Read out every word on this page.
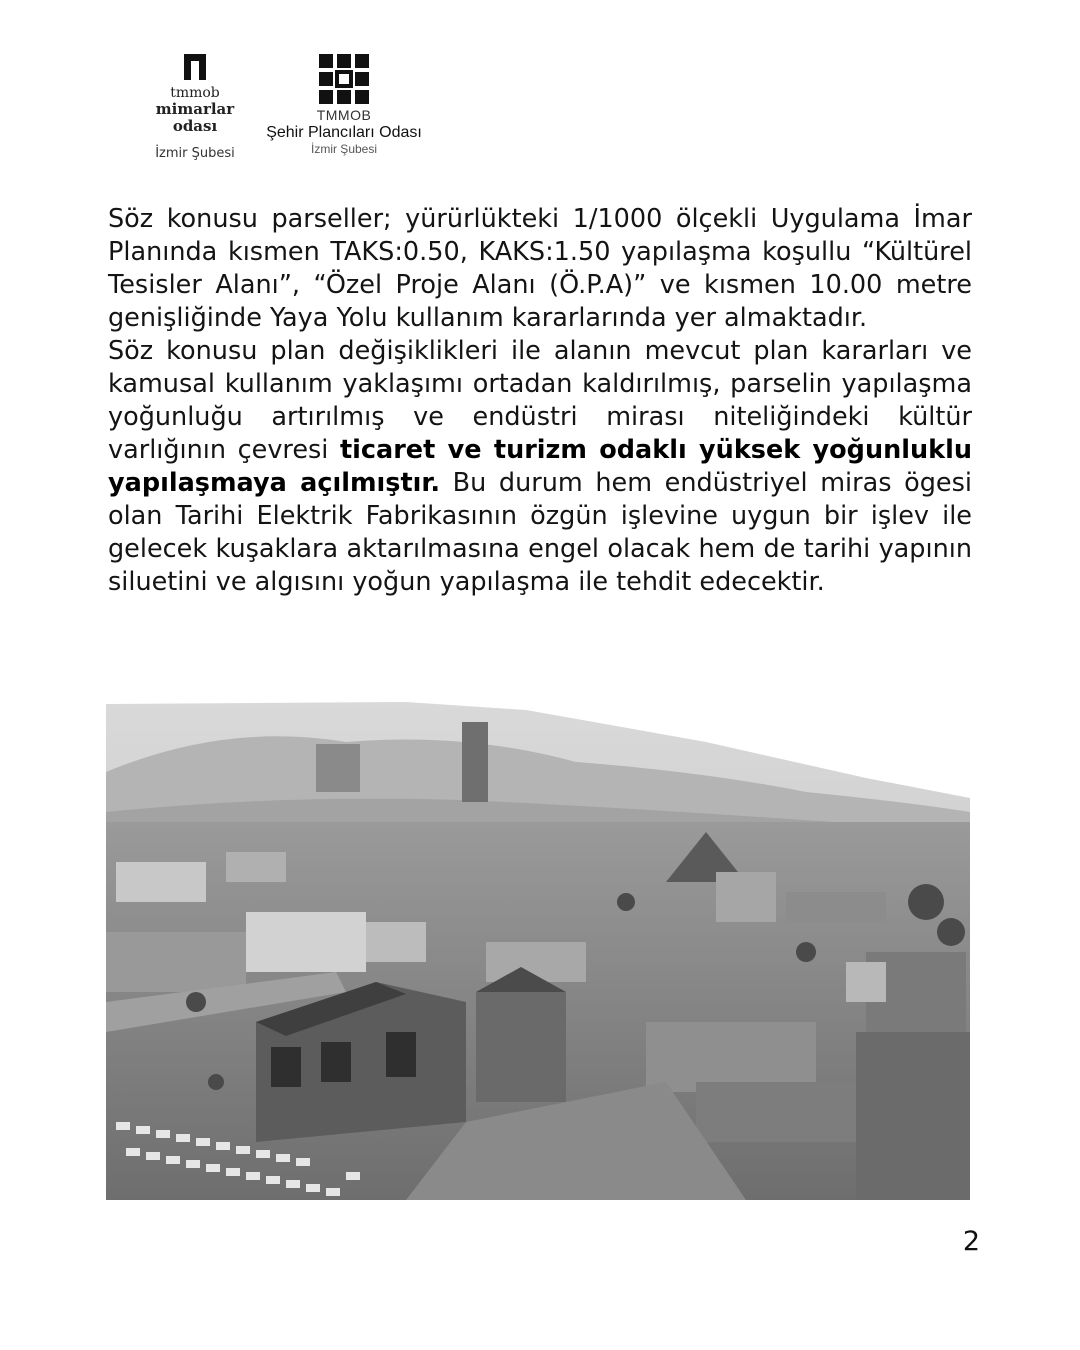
tmmob
mimarlar
odası
İzmir Şubesi
TMMOB
Şehir Plancıları Odası
İzmir Şubesi

Söz konusu parseller; yürürlükteki 1/1000 ölçekli Uygulama İmar Planında kısmen TAKS:0.50, KAKS:1.50 yapılaşma koşullu “Kültürel Tesisler Alanı”, “Özel Proje Alanı (Ö.P.A)” ve kısmen 10.00 metre genişliğinde Yaya Yolu kullanım kararlarında yer almaktadır.

Söz konusu plan değişiklikleri ile alanın mevcut plan kararları ve kamusal kullanım yaklaşımı ortadan kaldırılmış, parselin yapılaşma yoğunluğu artırılmış ve endüstri mirası niteliğindeki kültür varlığının çevresi ticaret ve turizm odaklı yüksek yoğunluklu yapılaşmaya açılmıştır. Bu durum hem endüstriyel miras ögesi olan Tarihi Elektrik Fabrikasının özgün işlevine uygun bir işlev ile gelecek kuşaklara aktarılmasına engel olacak hem de tarihi yapının siluetini ve algısını yoğun yapılaşma ile tehdit edecektir.

2
